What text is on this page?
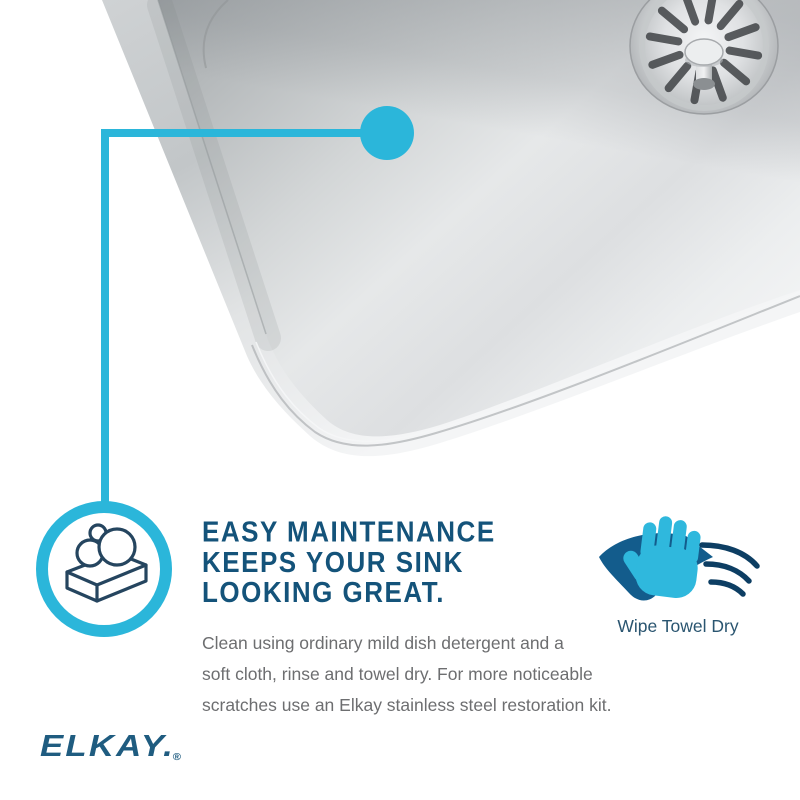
EASY MAINTENANCE
KEEPS YOUR SINK
LOOKING GREAT.
Clean using ordinary mild dish detergent and a
soft cloth, rinse and towel dry. For more noticeable
scratches use an Elkay stainless steel restoration kit.
Wipe Towel Dry
ELKAY.®
